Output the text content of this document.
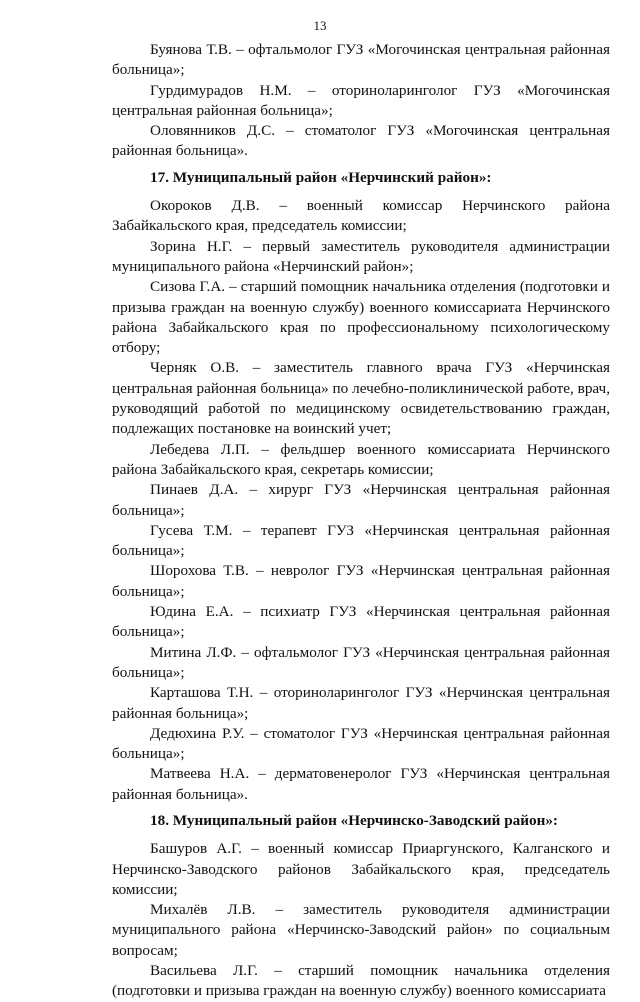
13

Буянова Т.В. – офтальмолог ГУЗ «Могочинская центральная районная больница»;

Гурдимурадов Н.М. – оториноларинголог ГУЗ «Могочинская центральная районная больница»;

Оловянников Д.С. – стоматолог ГУЗ «Могочинская центральная районная больница».

17. Муниципальный район «Нерчинский район»:

Окороков Д.В. – военный комиссар Нерчинского района Забайкальского края, председатель комиссии;

Зорина Н.Г. – первый заместитель руководителя администрации муниципального района «Нерчинский район»;

Сизова Г.А. – старший помощник начальника отделения (подготовки и призыва граждан на военную службу) военного комиссариата Нерчинского района Забайкальского края по профессиональному психологическому отбору;

Черняк О.В. – заместитель главного врача ГУЗ «Нерчинская центральная районная больница» по лечебно-поликлинической работе, врач, руководящий работой по медицинскому освидетельствованию граждан, подлежащих постановке на воинский учет;

Лебедева Л.П. – фельдшер военного комиссариата Нерчинского района Забайкальского края, секретарь комиссии;

Пинаев Д.А. – хирург ГУЗ «Нерчинская центральная районная больница»;

Гусева Т.М. – терапевт ГУЗ «Нерчинская центральная районная больница»;

Шорохова Т.В. – невролог ГУЗ «Нерчинская центральная районная больница»;

Юдина Е.А. – психиатр ГУЗ «Нерчинская центральная районная больница»;

Митина Л.Ф. – офтальмолог ГУЗ «Нерчинская центральная районная больница»;

Карташова Т.Н. – оториноларинголог ГУЗ «Нерчинская центральная районная больница»;

Дедюхина Р.У. – стоматолог ГУЗ «Нерчинская центральная районная больница»;

Матвеева Н.А. – дерматовенеролог ГУЗ «Нерчинская центральная районная больница».

18. Муниципальный район «Нерчинско-Заводский район»:

Башуров А.Г. – военный комиссар Приаргунского, Калганского и Нерчинско-Заводского районов Забайкальского края, председатель комиссии;

Михалёв Л.В. – заместитель руководителя администрации муниципального района «Нерчинско-Заводский район» по социальным вопросам;

Васильева Л.Г. – старший помощник начальника отделения (подготовки и призыва граждан на военную службу) военного комиссариата
